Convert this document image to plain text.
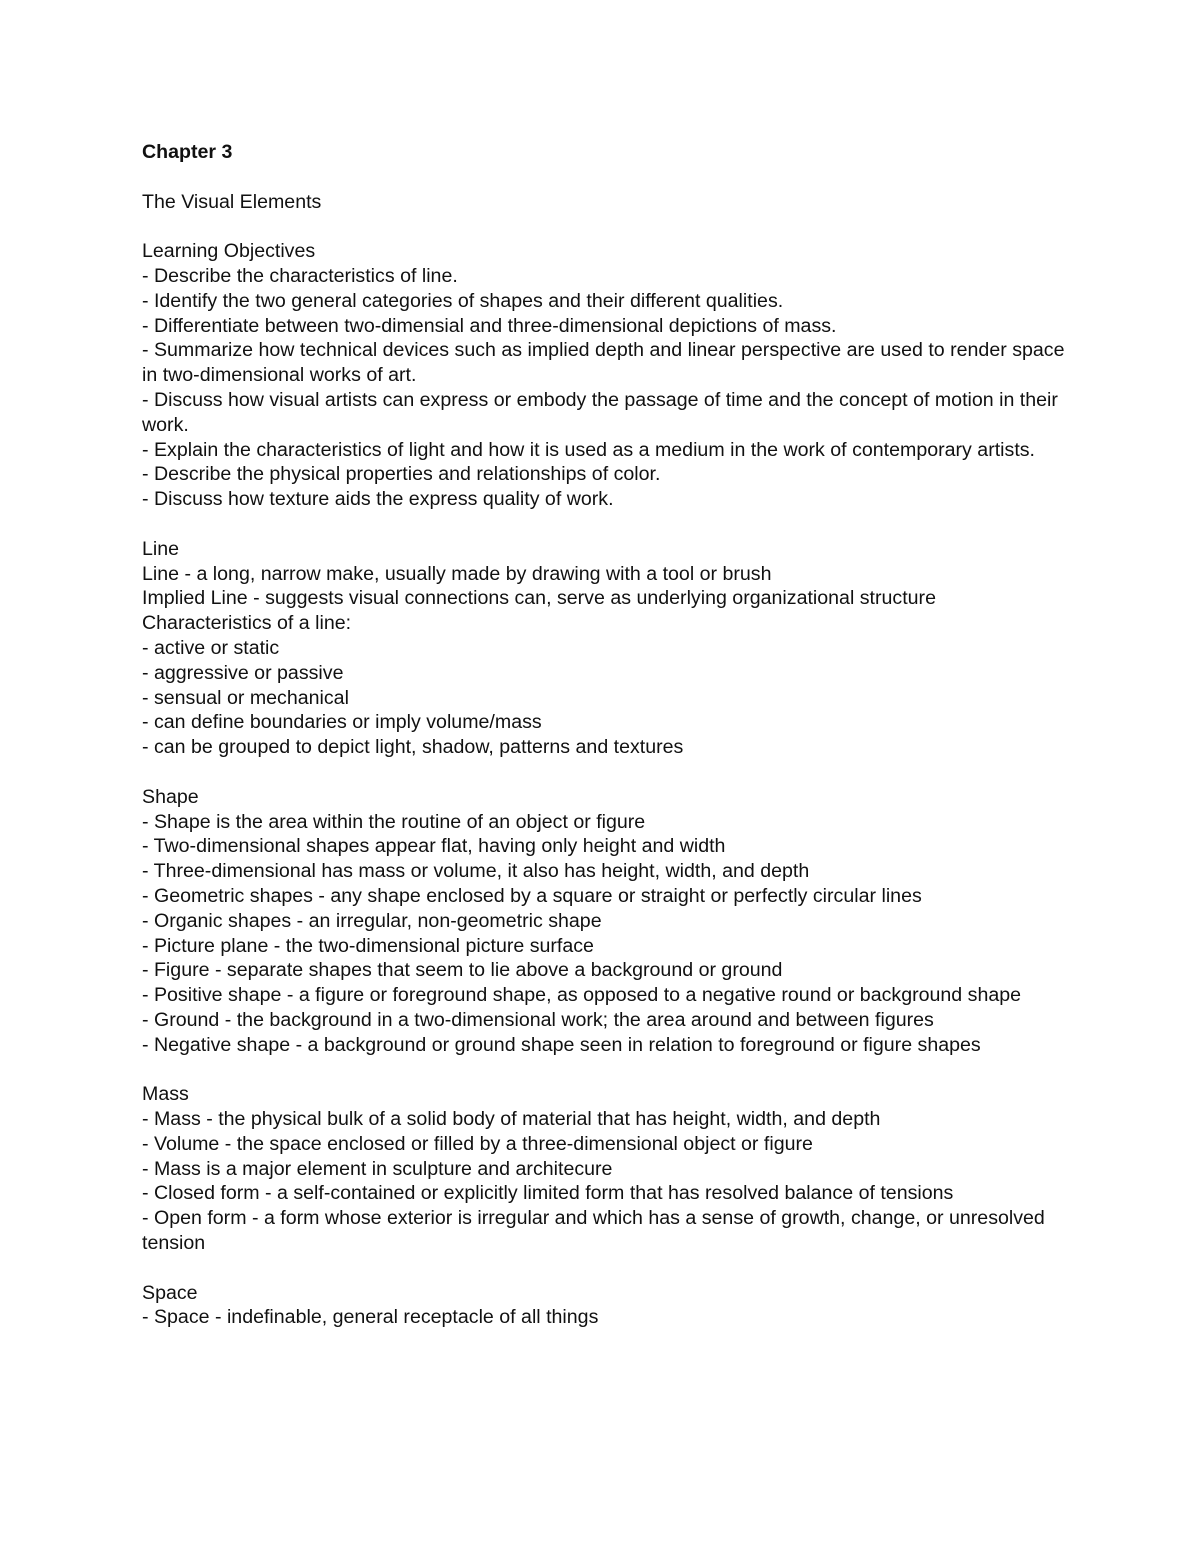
Chapter 3

The Visual Elements

Learning Objectives

- Describe the characteristics of line.
- Identify the two general categories of shapes and their different qualities.
- Differentiate between two-dimensial and three-dimensional depictions of mass.
- Summarize how technical devices such as implied depth and linear perspective are used to render space in two-dimensional works of art.
- Discuss how visual artists can express or embody the passage of time and the concept of motion in their work.
- Explain the characteristics of light and how it is used as a medium in the work of contemporary artists.
- Describe the physical properties and relationships of color.
- Discuss how texture aids the express quality of work.

Line

Line - a long, narrow make, usually made by drawing with a tool or brush

Implied Line - suggests visual connections can, serve as underlying organizational structure

Characteristics of a line:

- active or static
- aggressive or passive
- sensual or mechanical
- can define boundaries or imply volume/mass
- can be grouped to depict light, shadow, patterns and textures

Shape

- Shape is the area within the routine of an object or figure
- Two-dimensional shapes appear flat, having only height and width
- Three-dimensional has mass or volume, it also has height, width, and depth
- Geometric shapes - any shape enclosed by a square or straight or perfectly circular lines
- Organic shapes - an irregular, non-geometric shape
- Picture plane - the two-dimensional picture surface
- Figure - separate shapes that seem to lie above a background or ground
- Positive shape - a figure or foreground shape, as opposed to a negative round or background shape
- Ground - the background in a two-dimensional work; the area around and between figures
- Negative shape - a background or ground shape seen in relation to foreground or figure shapes

Mass

- Mass - the physical bulk of a solid body of material that has height, width, and depth
- Volume - the space enclosed or filled by a three-dimensional object or figure
- Mass is a major element in sculpture and architecure
- Closed form - a self-contained or explicitly limited form that has resolved balance of tensions
- Open form - a form whose exterior is irregular and which has a sense of growth, change, or unresolved tension

Space

- Space - indefinable, general receptacle of all things
